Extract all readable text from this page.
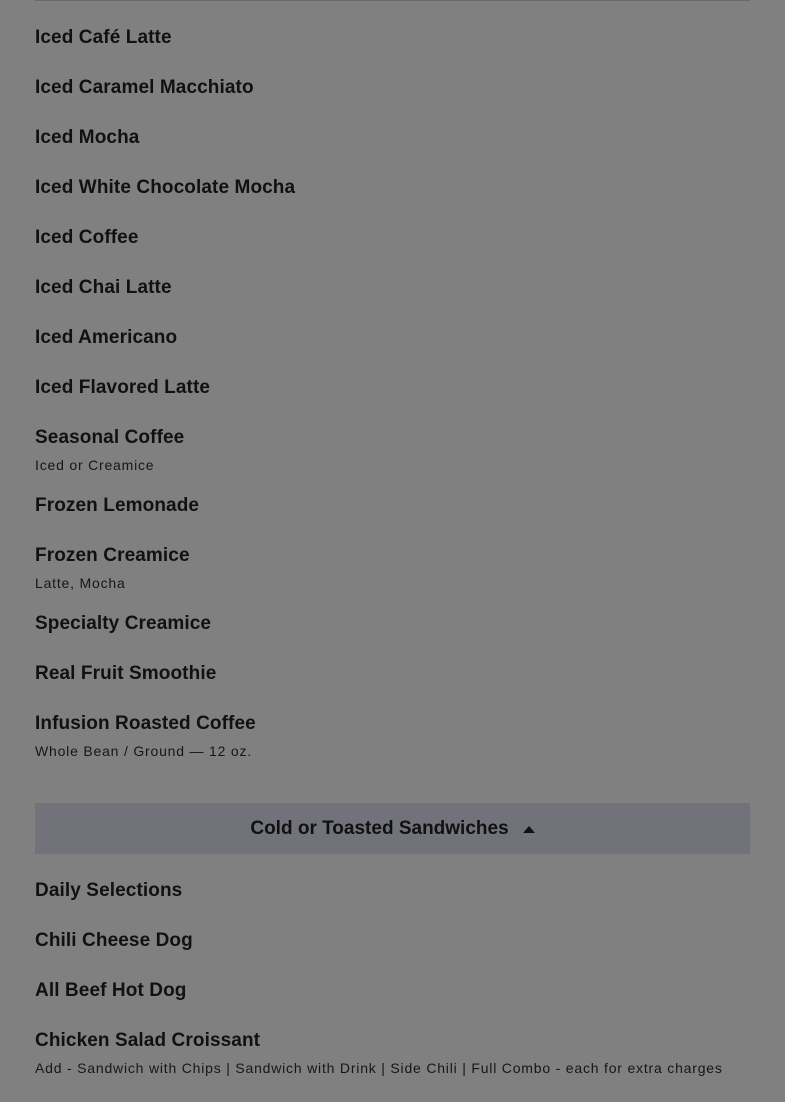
Iced Café Latte
Iced Caramel Macchiato
Iced Mocha
Iced White Chocolate Mocha
Iced Coffee
Iced Chai Latte
Iced Americano
Iced Flavored Latte
Seasonal Coffee
Iced or Creamice
Frozen Lemonade
Frozen Creamice
Latte, Mocha
Specialty Creamice
Real Fruit Smoothie
Infusion Roasted Coffee
Whole Bean / Ground — 12 oz.
Cold or Toasted Sandwiches
Daily Selections
Chili Cheese Dog
All Beef Hot Dog
Chicken Salad Croissant
Add - Sandwich with Chips | Sandwich with Drink | Side Chili | Full Combo - each for extra charges
